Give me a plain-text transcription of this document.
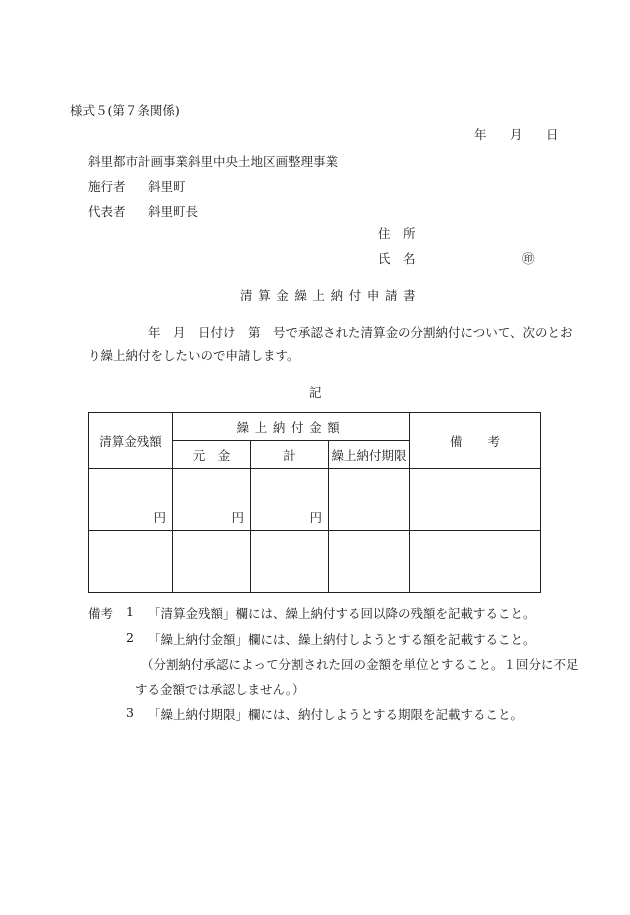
様式５(第７条関係)
年 月 日
斜里都市計画事業斜里中央土地区画整理事業
施行者 斜里町
代表者 斜里町長
住　所
氏　名	㊞
清算金繰上納付申請書
年　月　日付け　第　号で承認された清算金の分割納付について、次のとお
り繰上納付をしたいので申請します。
記
清算金残額	繰上納付金額			備　　考
	元　金	計	繰上納付期限	

円	円	円		

備考 1 「清算金残額」欄には、繰上納付する回以降の残額を記載すること。
2 「繰上納付金額」欄には、繰上納付しようとする額を記載すること。
（分割納付承認によって分割された回の金額を単位とすること。１回分に不足
する金額では承認しません。）
3 「繰上納付期限」欄には、納付しようとする期限を記載すること。
